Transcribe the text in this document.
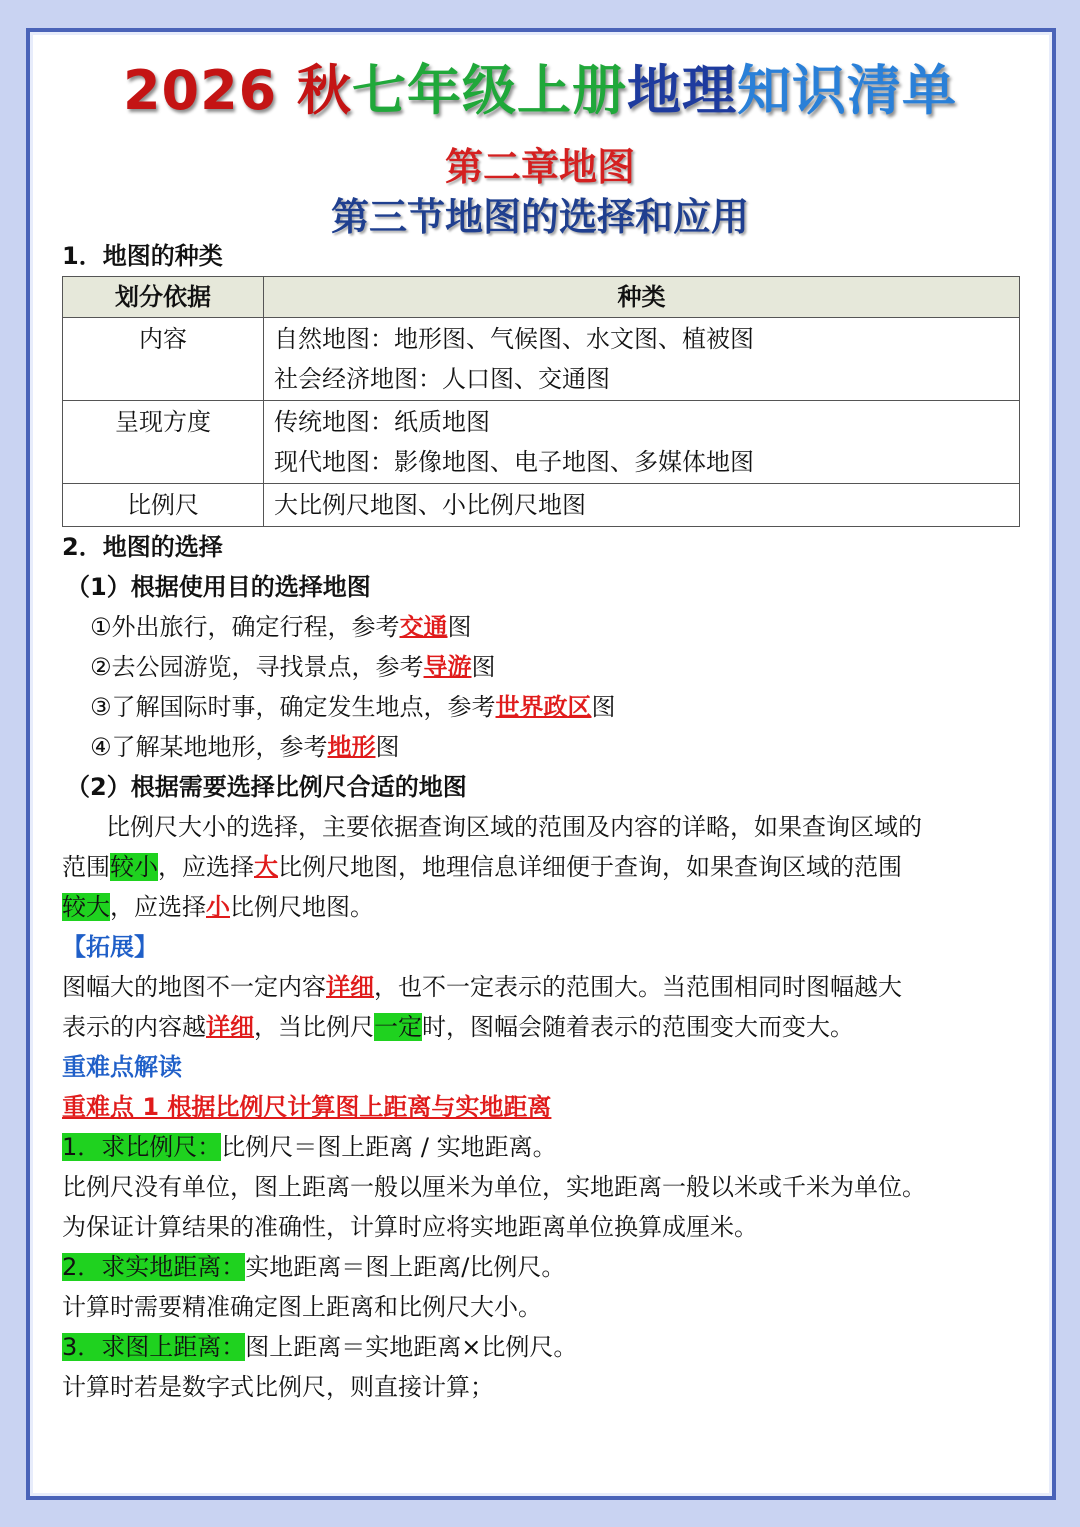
2026 秋七年级上册地理知识清单
第二章地图
第三节地图的选择和应用
1．地图的种类
划分依据	种类
内容	自然地图：地形图、气候图、水文图、植被图
社会经济地图：人口图、交通图

呈现方度	传统地图：纸质地图
现代地图：影像地图、电子地图、多媒体地图

比例尺	大比例尺地图、小比例尺地图
2．地图的选择
（1）根据使用目的选择地图
①外出旅行，确定行程，参考交通图
②去公园游览，寻找景点，参考导游图
③了解国际时事，确定发生地点，参考世界政区图
④了解某地地形，参考地形图
（2）根据需要选择比例尺合适的地图
比例尺大小的选择，主要依据查询区域的范围及内容的详略，如果查询区域的
范围较小，应选择大比例尺地图，地理信息详细便于查询，如果查询区域的范围
较大，应选择小比例尺地图。
【拓展】
图幅大的地图不一定内容详细，也不一定表示的范围大。当范围相同时图幅越大
表示的内容越详细，当比例尺一定时，图幅会随着表示的范围变大而变大。
重难点解读
重难点 1 根据比例尺计算图上距离与实地距离
1．求比例尺：比例尺＝图上距离 / 实地距离。
比例尺没有单位，图上距离一般以厘米为单位，实地距离一般以米或千米为单位。
为保证计算结果的准确性，计算时应将实地距离单位换算成厘米。
2．求实地距离：实地距离＝图上距离/比例尺。
计算时需要精准确定图上距离和比例尺大小。
3．求图上距离：图上距离＝实地距离×比例尺。
计算时若是数字式比例尺，则直接计算；
